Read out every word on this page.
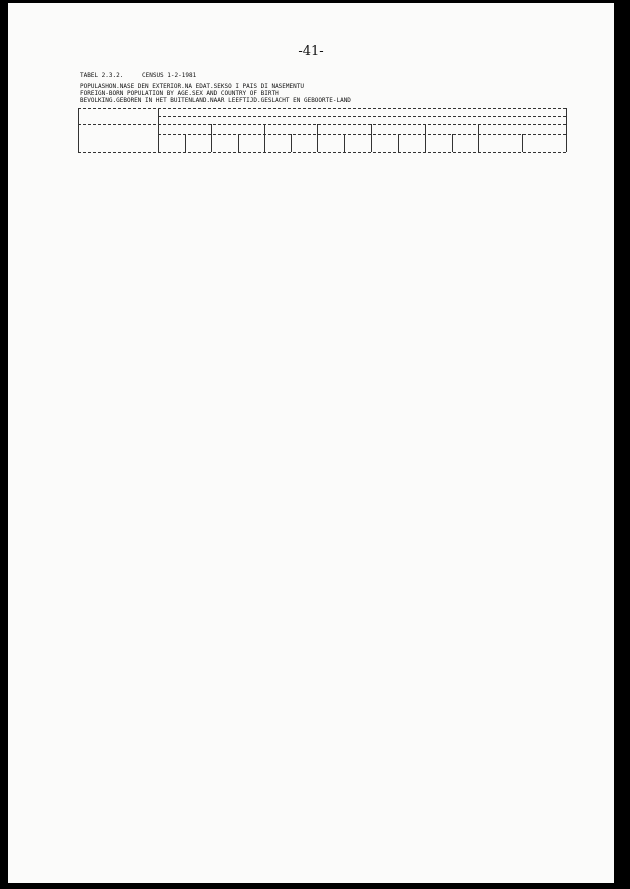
-41-
TABEL 2.3.2.	CENSUS 1-2-1981
POPULASHON.NASE DEN EXTERIOR.NA EDAT.SEKSO I PAIS DI NASEMENTU
FOREIGN-BORN POPULATION BY AGE.SEX AND COUNTRY OF BIRTH
BEVOLKING.GEBOREN IN HET BUITENLAND.NAAR LEEFTIJD.GESLACHT EN GEBOORTE-LAND
